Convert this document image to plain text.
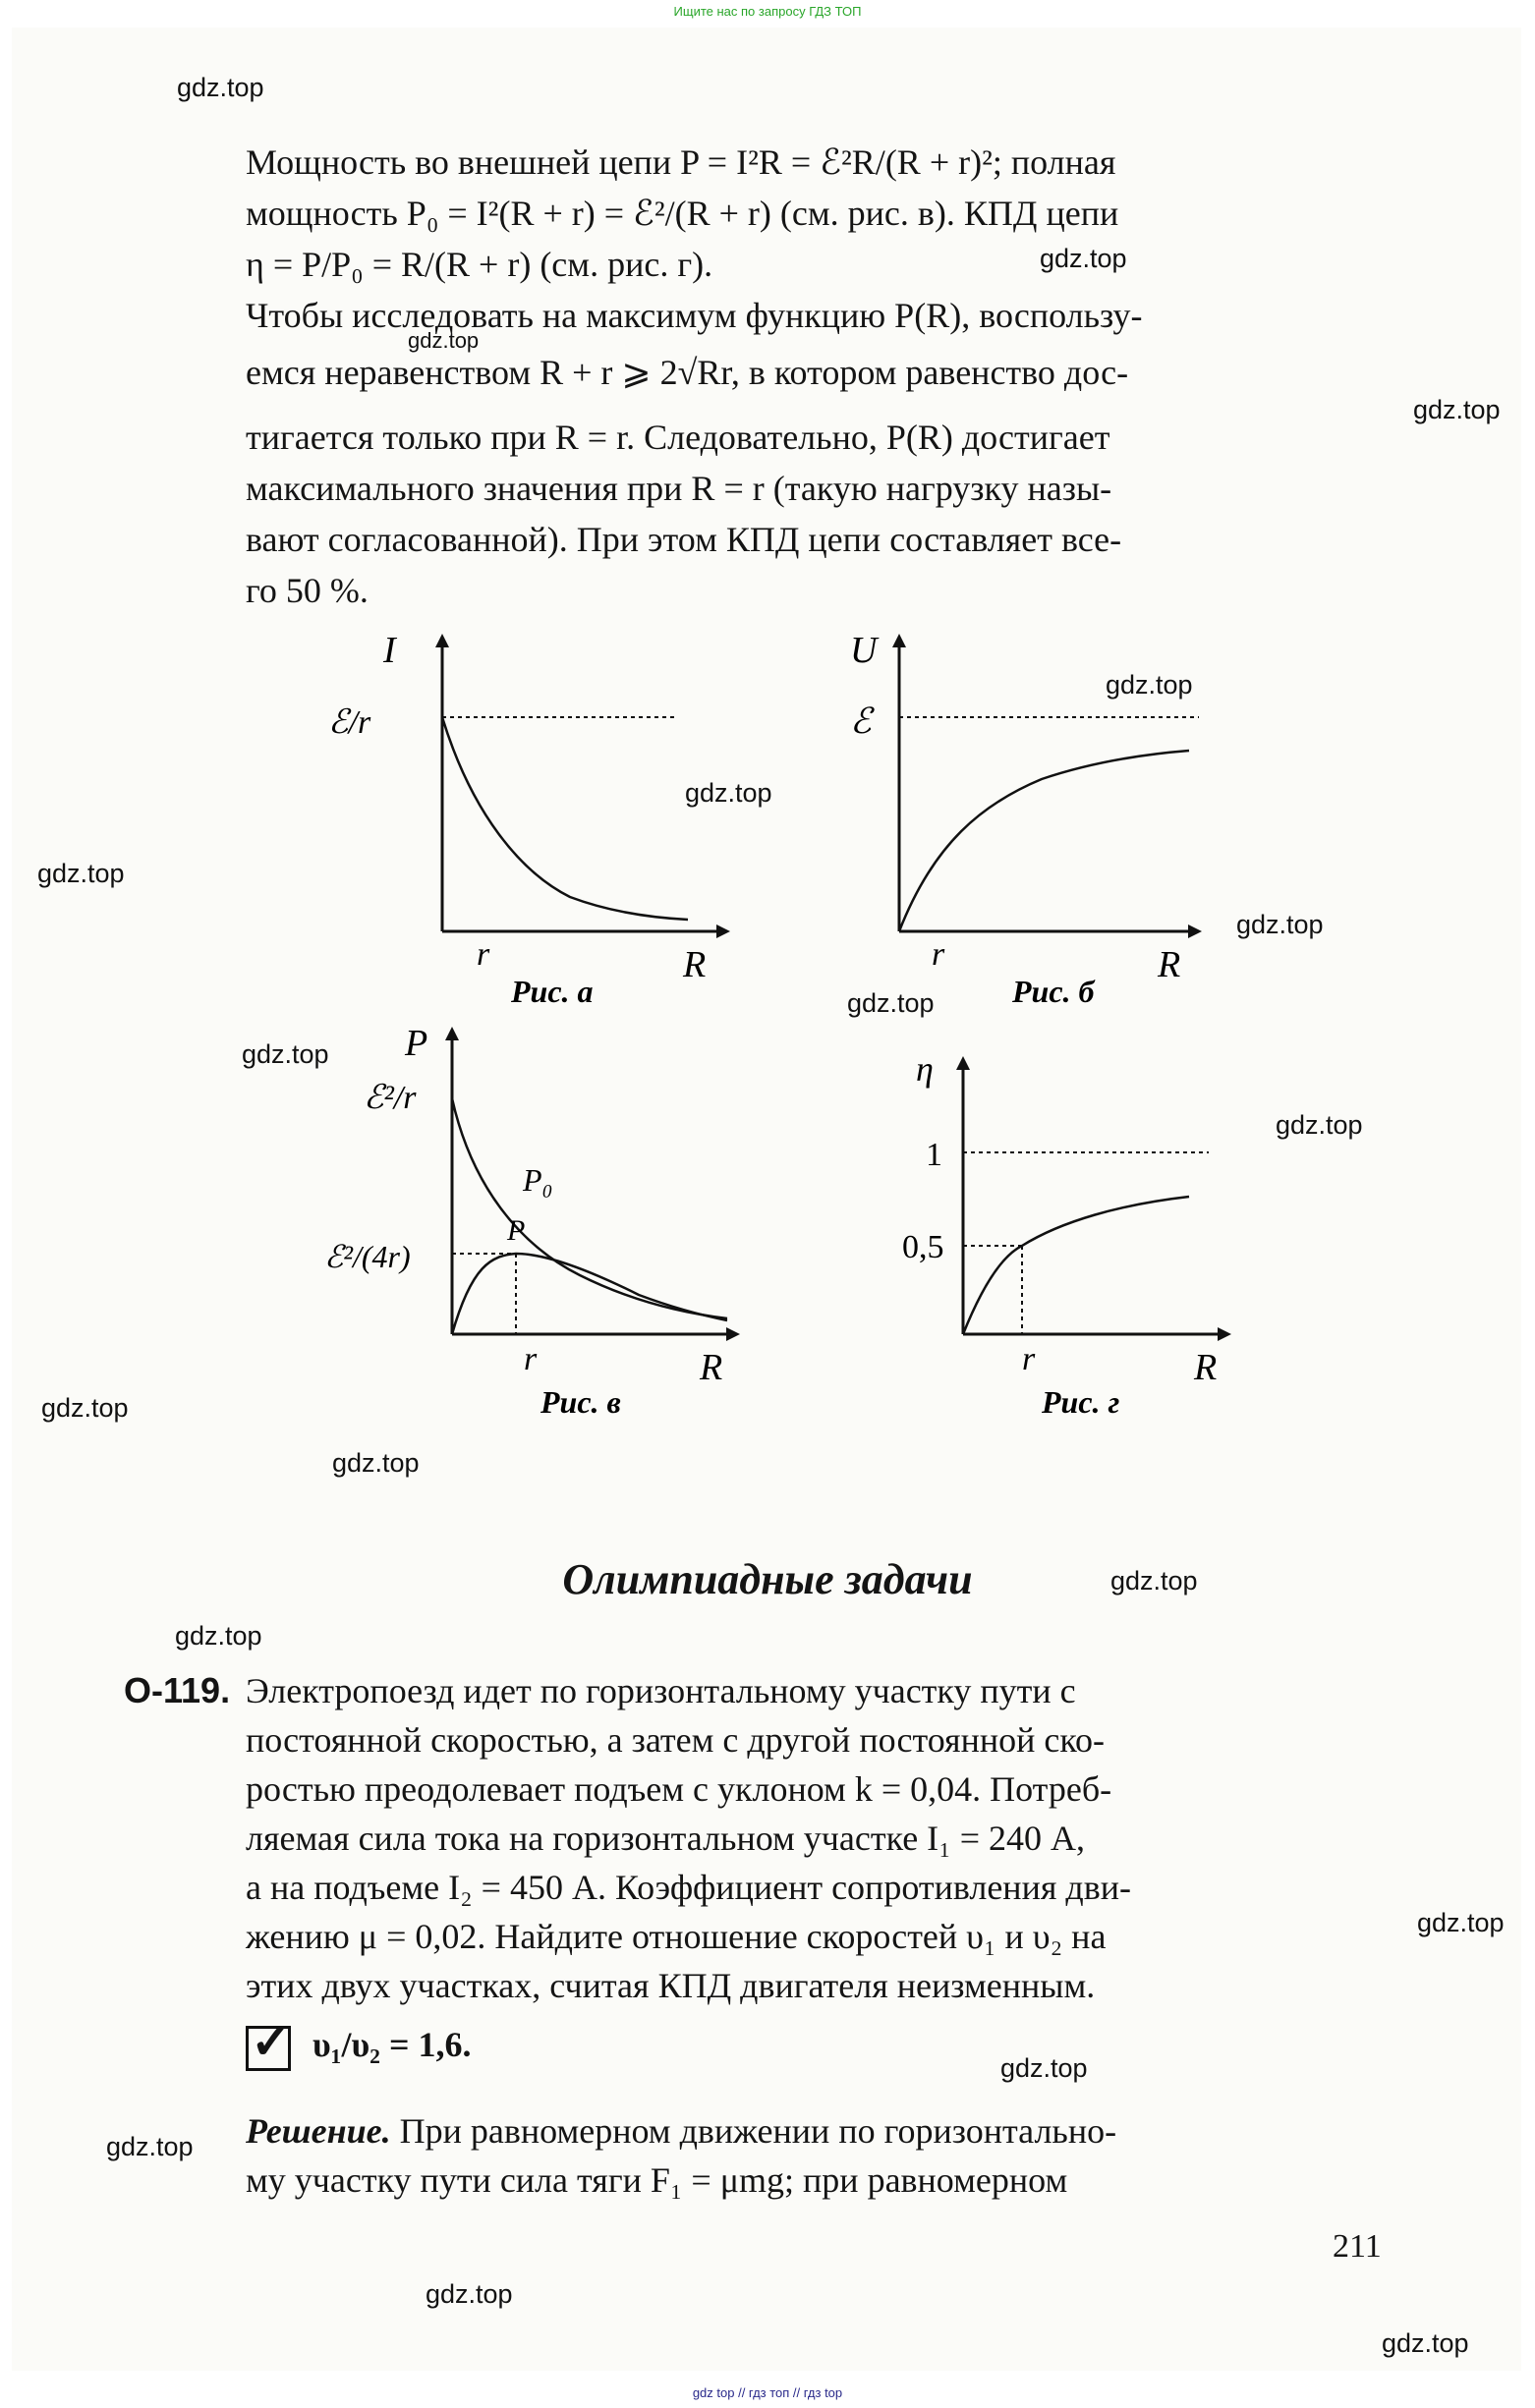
Ищите нас по запросу ГДЗ ТОП
gdz.top
gdz.top
gdz.top
gdz.top
gdz.top
gdz.top
gdz.top
gdz.top
gdz.top
gdz.top
gdz.top
gdz.top
gdz.top
gdz.top
gdz.top
gdz.top
gdz.top
gdz.top
gdz.top
gdz.top
Мощность во внешней цепи P = I²R = ℰ²R/(R + r)²; полная
мощность P₀ = I²(R + r) = ℰ²/(R + r) (см. рис. в). КПД цепи
η = P/P₀ = R/(R + r) (см. рис. г).
Чтобы исследовать на максимум функцию P(R), воспользу-
емся неравенством R + r ⩾ 2√Rr, в котором равенство дос-
тигается только при R = r. Следовательно, P(R) достигает
максимального значения при R = r (такую нагрузку назы-
вают согласованной). При этом КПД цепи составляет все-
го 50 %.
I
ℰ/r
r	R
Рис. а
U
ℰ
r	R
Рис. б
P
ℰ²/r
P₀
P
ℰ²/(4r)
r	R
Рис. в
η
1
0,5
r	R
Рис. г
Олимпиадные задачи
О-119. Электропоезд идет по горизонтальному участку пути с
постоянной скоростью, а затем с другой постоянной ско-
ростью преодолевает подъем с уклоном k = 0,04. Потреб-
ляемая сила тока на горизонтальном участке I₁ = 240 А,
а на подъеме I₂ = 450 А. Коэффициент сопротивления дви-
жению μ = 0,02. Найдите отношение скоростей υ₁ и υ₂ на
этих двух участках, считая КПД двигателя неизменным.
✓υ₁/υ₂ = 1,6.
Решение. При равномерном движении по горизонтально-
му участку пути сила тяги F₁ = μmg; при равномерном
211
gdz top // гдз топ // гдз top
